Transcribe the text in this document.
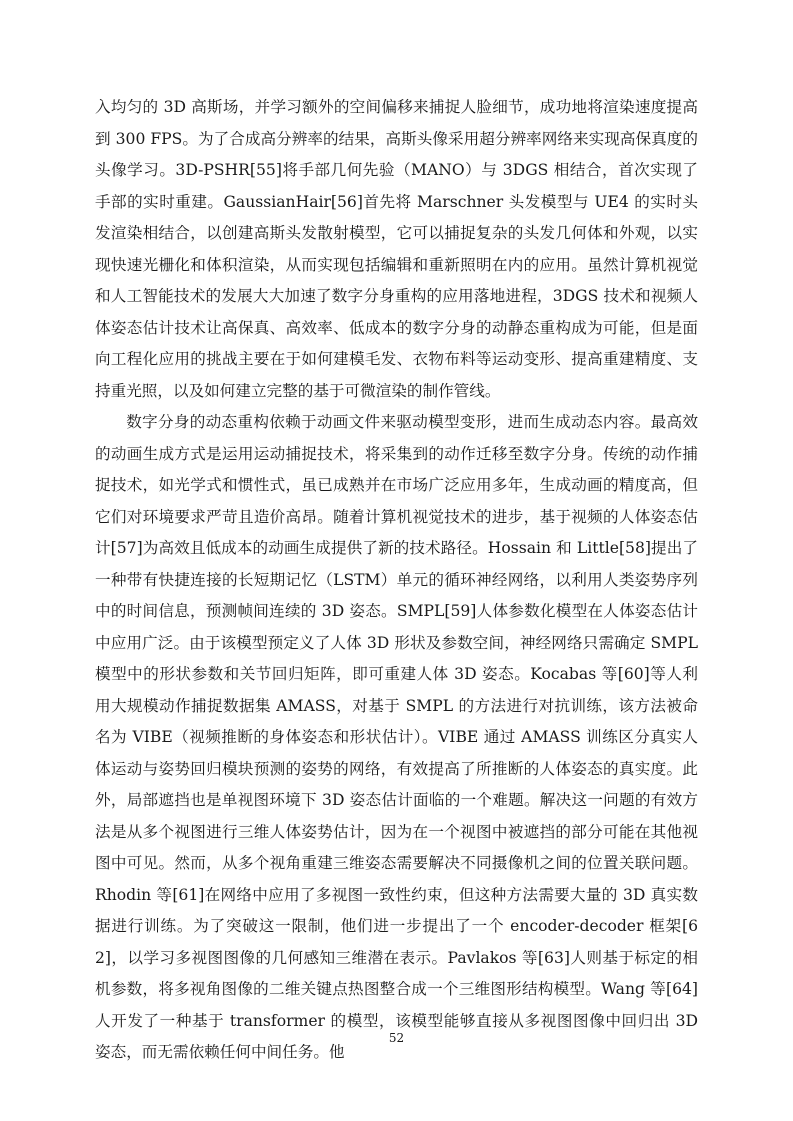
入均匀的 3D 高斯场，并学习额外的空间偏移来捕捉人脸细节，成功地将渲染速度提高到 300 FPS。为了合成高分辨率的结果，高斯头像采用超分辨率网络来实现高保真度的头像学习。3D-PSHR[55]将手部几何先验（MANO）与 3DGS 相结合，首次实现了手部的实时重建。GaussianHair[56]首先将 Marschner 头发模型与 UE4 的实时头发渲染相结合，以创建高斯头发散射模型，它可以捕捉复杂的头发几何体和外观，以实现快速光栅化和体积渲染，从而实现包括编辑和重新照明在内的应用。虽然计算机视觉和人工智能技术的发展大大加速了数字分身重构的应用落地进程，3DGS 技术和视频人体姿态估计技术让高保真、高效率、低成本的数字分身的动静态重构成为可能，但是面向工程化应用的挑战主要在于如何建模毛发、衣物布料等运动变形、提高重建精度、支持重光照，以及如何建立完整的基于可微渲染的制作管线。

数字分身的动态重构依赖于动画文件来驱动模型变形，进而生成动态内容。最高效的动画生成方式是运用运动捕捉技术，将采集到的动作迁移至数字分身。传统的动作捕捉技术，如光学式和惯性式，虽已成熟并在市场广泛应用多年，生成动画的精度高，但它们对环境要求严苛且造价高昂。随着计算机视觉技术的进步，基于视频的人体姿态估计[57]为高效且低成本的动画生成提供了新的技术路径。Hossain 和 Little[58]提出了一种带有快捷连接的长短期记忆（LSTM）单元的循环神经网络，以利用人类姿势序列中的时间信息，预测帧间连续的 3D 姿态。SMPL[59]人体参数化模型在人体姿态估计中应用广泛。由于该模型预定义了人体 3D 形状及参数空间，神经网络只需确定 SMPL 模型中的形状参数和关节回归矩阵，即可重建人体 3D 姿态。Kocabas 等[60]等人利用大规模动作捕捉数据集 AMASS，对基于 SMPL 的方法进行对抗训练，该方法被命名为 VIBE（视频推断的身体姿态和形状估计）。VIBE 通过 AMASS 训练区分真实人体运动与姿势回归模块预测的姿势的网络，有效提高了所推断的人体姿态的真实度。此外，局部遮挡也是单视图环境下 3D 姿态估计面临的一个难题。解决这一问题的有效方法是从多个视图进行三维人体姿势估计，因为在一个视图中被遮挡的部分可能在其他视图中可见。然而，从多个视角重建三维姿态需要解决不同摄像机之间的位置关联问题。Rhodin 等[61]在网络中应用了多视图一致性约束，但这种方法需要大量的 3D 真实数据进行训练。为了突破这一限制，他们进一步提出了一个 encoder-decoder 框架[62]，以学习多视图图像的几何感知三维潜在表示。Pavlakos 等[63]人则基于标定的相机参数，将多视角图像的二维关键点热图整合成一个三维图形结构模型。Wang 等[64]人开发了一种基于 transformer 的模型，该模型能够直接从多视图图像中回归出 3D 姿态，而无需依赖任何中间任务。他

52
